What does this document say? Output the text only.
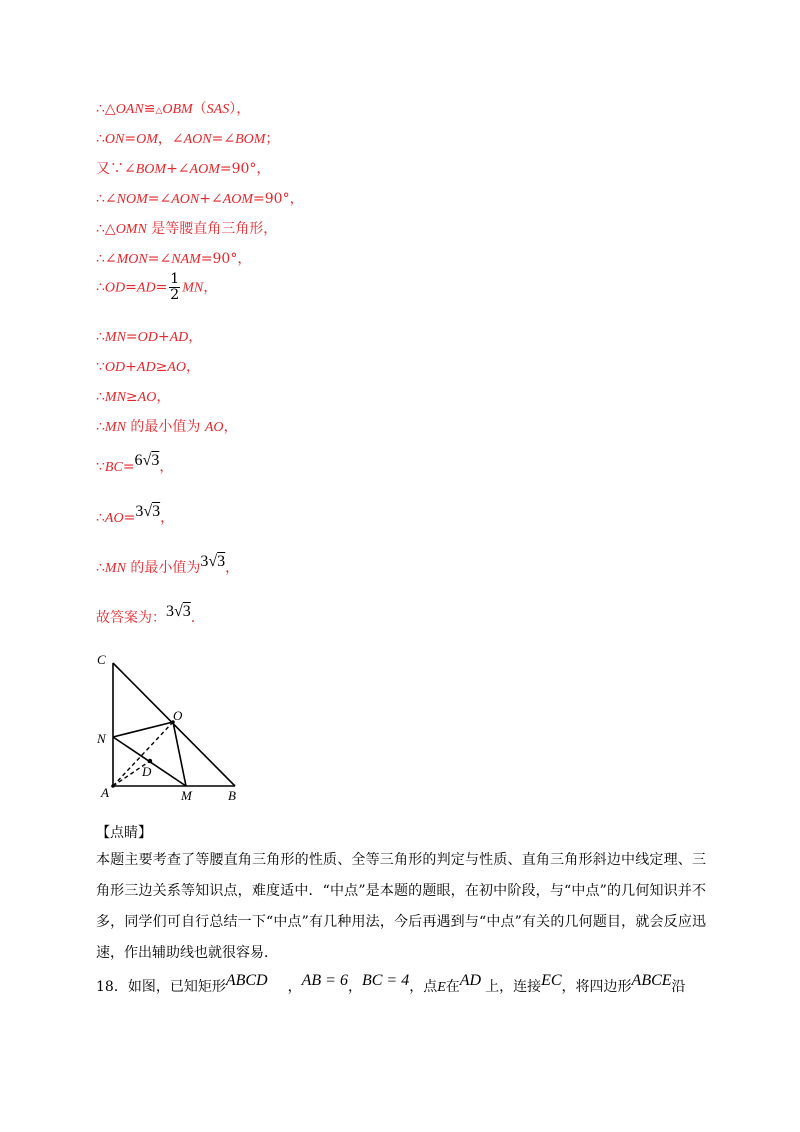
∴△OAN≌△OBM（SAS），
∴ON=OM，∠AON=∠BOM；
又∵∠BOM+∠AOM=90°，
∴∠NOM=∠AON+∠AOM=90°，
∴△OMN 是等腰直角三角形，
∴∠MON=∠NAM=90°，
∴OD=AD= $\frac{1}{2}$ MN，
∴MN=OD+AD，
∵OD+AD≥AO，
∴MN≥AO，
∴MN 的最小值为 AO，
∵BC=6√3，
∴AO=3√3，
∴MN 的最小值为3√3，
故答案为：3√3.
C
O
N
D
A	M	B
【点睛】
本题主要考查了等腰直角三角形的性质、全等三角形的判定与性质、直角三角形斜边中线定理、三角形三边关系等知识点，难度适中．“中点”是本题的题眼，在初中阶段，与“中点”的几何知识并不多，同学们可自行总结一下“中点”有几种用法，今后再遇到与“中点”有关的几何题目，就会反应迅速，作出辅助线也就很容易．
18．如图，已知矩形ABCD ，AB = 6，BC = 4，点E在AD 上，连接EC，将四边形ABCE沿
